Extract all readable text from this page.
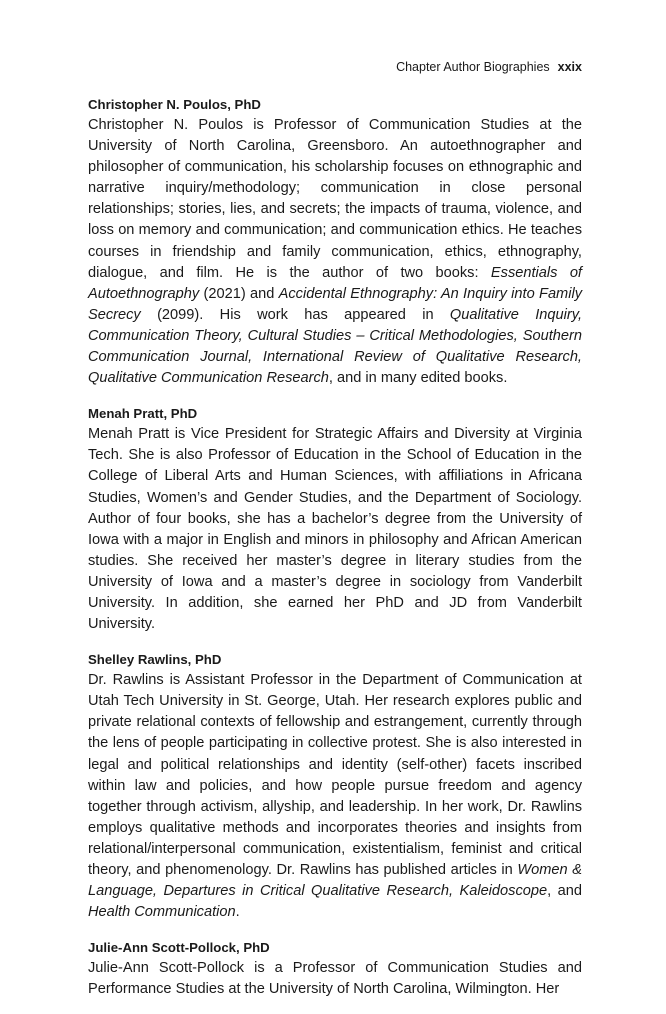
Chapter Author Biographies xxix

Christopher N. Poulos, PhD

Christopher N. Poulos is Professor of Communication Studies at the University of North Carolina, Greensboro. An autoethnographer and philosopher of communication, his scholarship focuses on ethnographic and narrative inquiry/methodology; communication in close personal relationships; stories, lies, and secrets; the impacts of trauma, violence, and loss on memory and communication; and communication ethics. He teaches courses in friendship and family communication, ethics, ethnography, dialogue, and film. He is the author of two books: Essentials of Autoethnography (2021) and Accidental Ethnography: An Inquiry into Family Secrecy (2099). His work has appeared in Qualitative Inquiry, Communication Theory, Cultural Studies – Critical Methodologies, Southern Communication Journal, International Review of Qualitative Research, Qualitative Communication Research, and in many edited books.

Menah Pratt, PhD

Menah Pratt is Vice President for Strategic Affairs and Diversity at Virginia Tech. She is also Professor of Education in the School of Education in the College of Liberal Arts and Human Sciences, with affiliations in Africana Studies, Women’s and Gender Studies, and the Department of Sociology. Author of four books, she has a bachelor’s degree from the University of Iowa with a major in English and minors in philosophy and African American studies. She received her master’s degree in literary studies from the University of Iowa and a master’s degree in sociology from Vanderbilt University. In addition, she earned her PhD and JD from Vanderbilt University.

Shelley Rawlins, PhD

Dr. Rawlins is Assistant Professor in the Department of Communication at Utah Tech University in St. George, Utah. Her research explores public and private relational contexts of fellowship and estrangement, currently through the lens of people participating in collective protest. She is also interested in legal and political relationships and identity (self-other) facets inscribed within law and policies, and how people pursue freedom and agency together through activism, allyship, and leadership. In her work, Dr. Rawlins employs qualitative methods and incorporates theories and insights from relational/interpersonal communication, existentialism, feminist and critical theory, and phenomenology. Dr. Rawlins has published articles in Women & Language, Departures in Critical Qualitative Research, Kaleidoscope, and Health Communication.

Julie-Ann Scott-Pollock, PhD

Julie-Ann Scott-Pollock is a Professor of Communication Studies and Performance Studies at the University of North Carolina, Wilmington. Her
